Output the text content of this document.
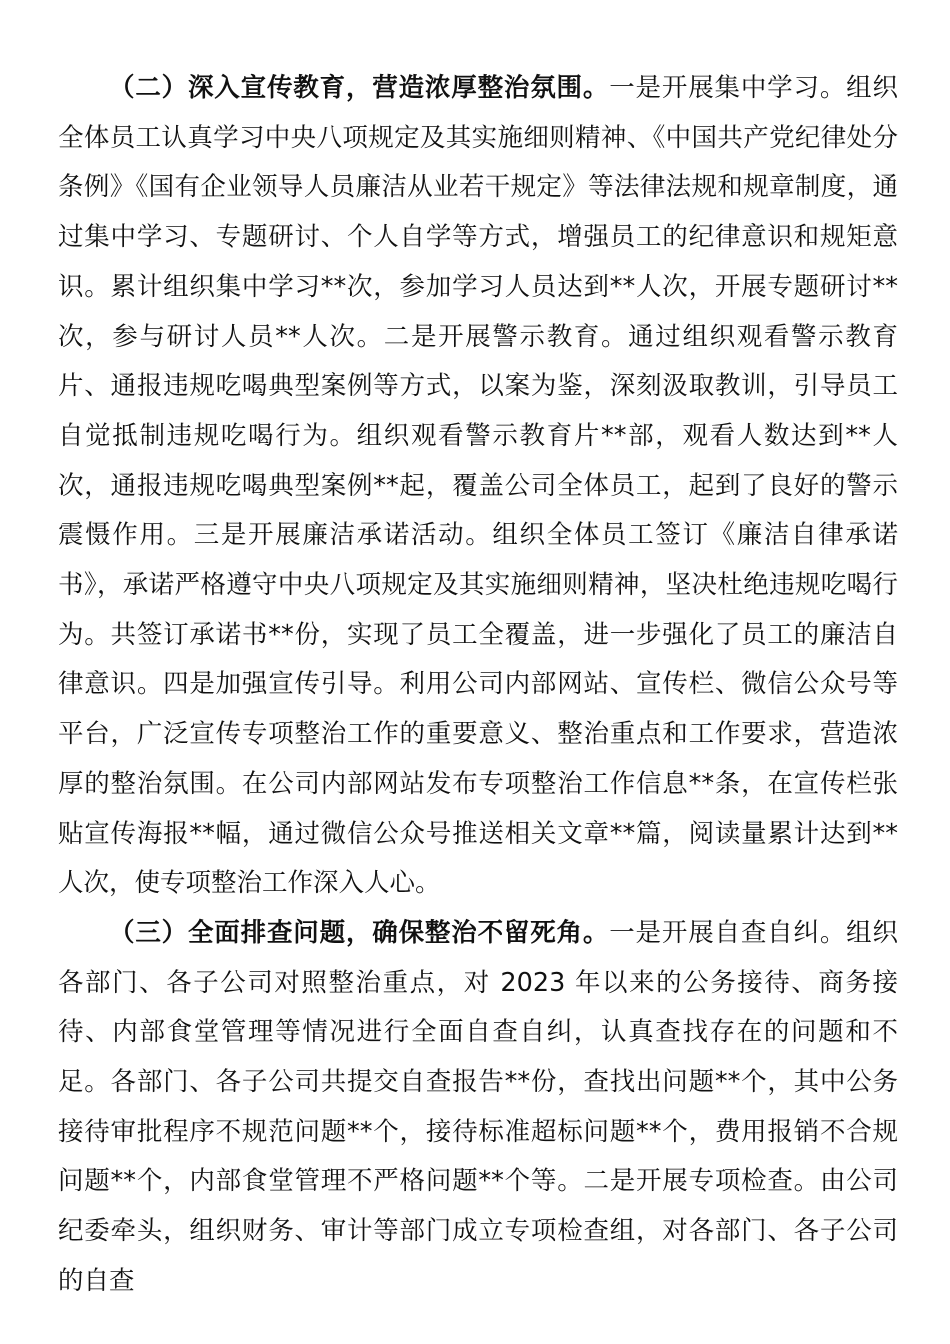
（二）深入宣传教育，营造浓厚整治氛围。一是开展集中学习。组织全体员工认真学习中央八项规定及其实施细则精神、《中国共产党纪律处分条例》《国有企业领导人员廉洁从业若干规定》等法律法规和规章制度，通过集中学习、专题研讨、个人自学等方式，增强员工的纪律意识和规矩意识。累计组织集中学习**次，参加学习人员达到**人次，开展专题研讨**次，参与研讨人员**人次。二是开展警示教育。通过组织观看警示教育片、通报违规吃喝典型案例等方式，以案为鉴，深刻汲取教训，引导员工自觉抵制违规吃喝行为。组织观看警示教育片**部，观看人数达到**人次，通报违规吃喝典型案例**起，覆盖公司全体员工，起到了良好的警示震慑作用。三是开展廉洁承诺活动。组织全体员工签订《廉洁自律承诺书》，承诺严格遵守中央八项规定及其实施细则精神，坚决杜绝违规吃喝行为。共签订承诺书**份，实现了员工全覆盖，进一步强化了员工的廉洁自律意识。四是加强宣传引导。利用公司内部网站、宣传栏、微信公众号等平台，广泛宣传专项整治工作的重要意义、整治重点和工作要求，营造浓厚的整治氛围。在公司内部网站发布专项整治工作信息**条，在宣传栏张贴宣传海报**幅，通过微信公众号推送相关文章**篇，阅读量累计达到**人次，使专项整治工作深入人心。

（三）全面排查问题，确保整治不留死角。一是开展自查自纠。组织各部门、各子公司对照整治重点，对 2023 年以来的公务接待、商务接待、内部食堂管理等情况进行全面自查自纠，认真查找存在的问题和不足。各部门、各子公司共提交自查报告**份，查找出问题**个，其中公务接待审批程序不规范问题**个，接待标准超标问题**个，费用报销不合规问题**个，内部食堂管理不严格问题**个等。二是开展专项检查。由公司纪委牵头，组织财务、审计等部门成立专项检查组，对各部门、各子公司的自查
